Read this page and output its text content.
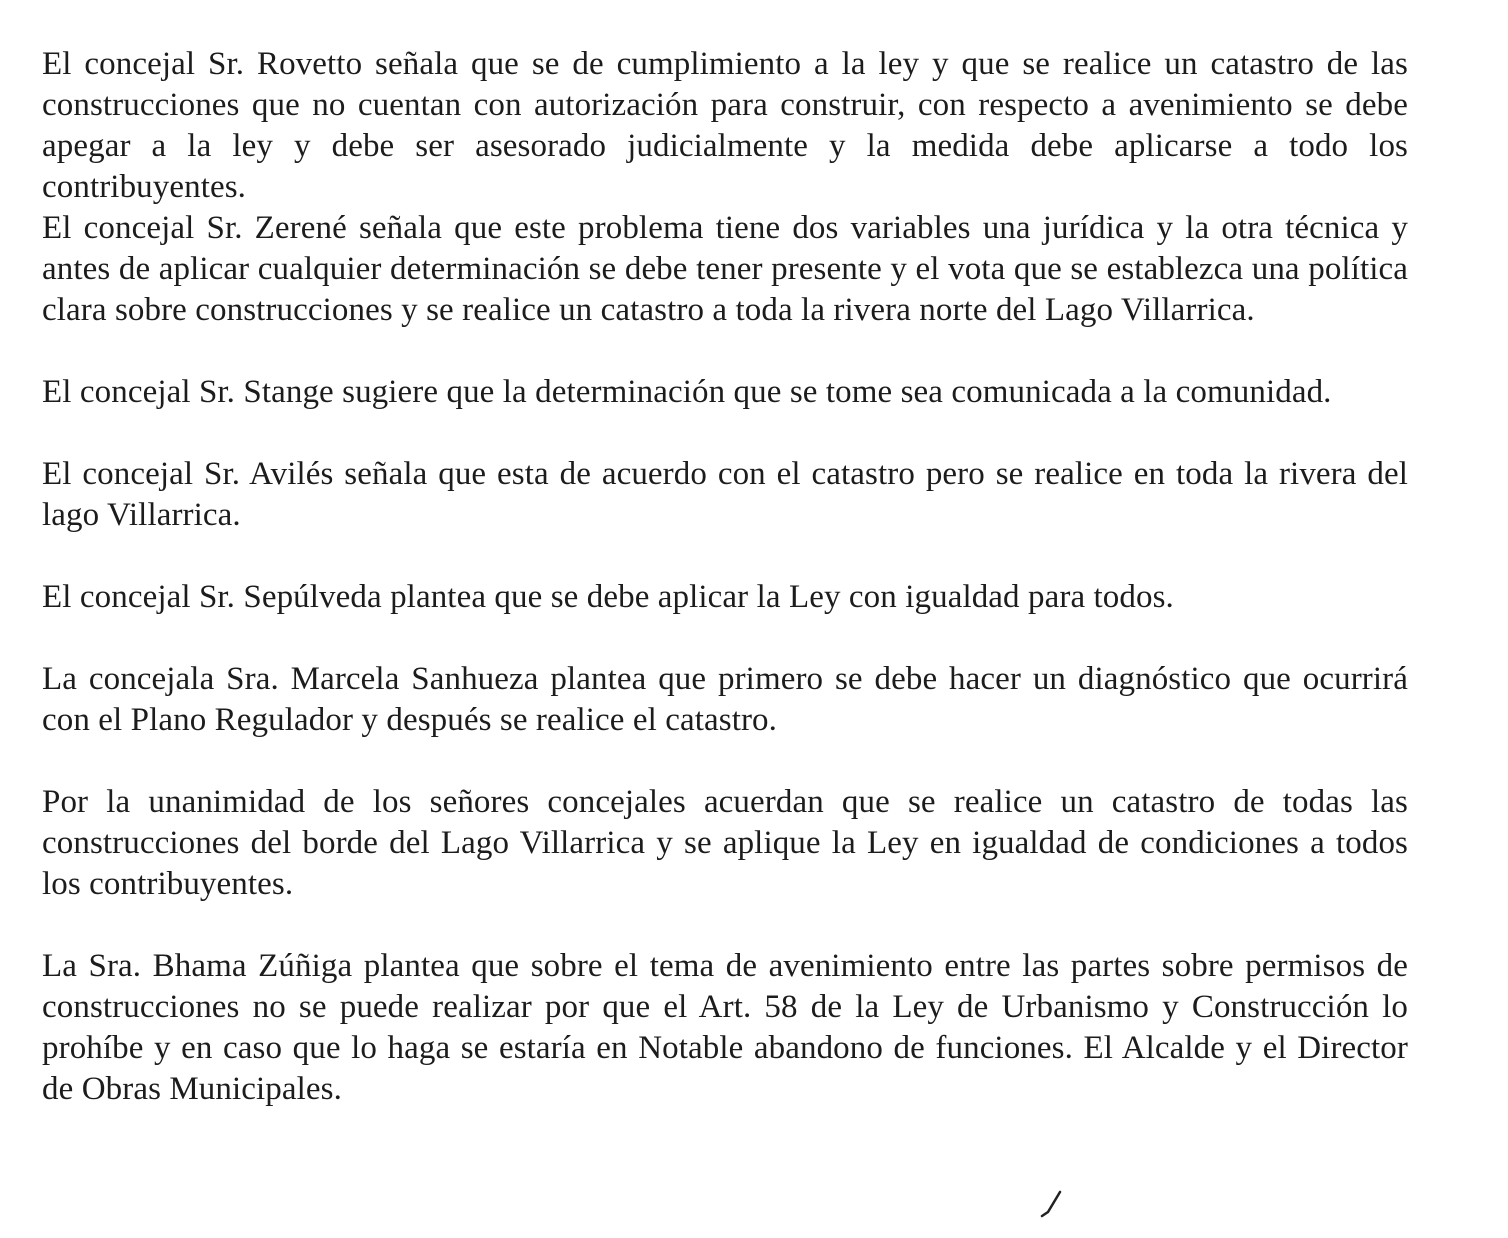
El concejal Sr. Rovetto señala que se de cumplimiento a la ley y que se realice un catastro de las construcciones que no cuentan con autorización para construir, con respecto a avenimiento se debe apegar a la ley y debe ser asesorado judicialmente y la medida debe aplicarse a todo los contribuyentes.

El concejal Sr. Zerené señala que este problema tiene dos variables una jurídica y la otra técnica y antes de aplicar cualquier determinación se debe tener presente y el vota que se establezca una política clara sobre construcciones y se realice un catastro a toda la rivera norte del Lago Villarrica.

El concejal Sr. Stange sugiere que la determinación que se tome sea comunicada a la comunidad.

El concejal Sr. Avilés señala que esta de acuerdo con el catastro pero se realice en toda la rivera del lago Villarrica.

El concejal Sr. Sepúlveda plantea que se debe aplicar la Ley con igualdad para todos.

La concejala Sra. Marcela Sanhueza plantea que primero se debe hacer un diagnóstico que ocurrirá con el Plano Regulador y después se realice el catastro.

Por la unanimidad de los señores concejales acuerdan que se realice un catastro de todas las construcciones del borde del Lago Villarrica y se aplique la Ley en igualdad de condiciones a todos los contribuyentes.

La Sra. Bhama Zúñiga plantea que sobre el tema de avenimiento entre las partes sobre permisos de construcciones no se puede realizar por que el Art. 58 de la Ley de Urbanismo y Construcción lo prohíbe y en caso que lo haga se estaría en Notable abandono de funciones. El Alcalde y el Director de Obras Municipales.
